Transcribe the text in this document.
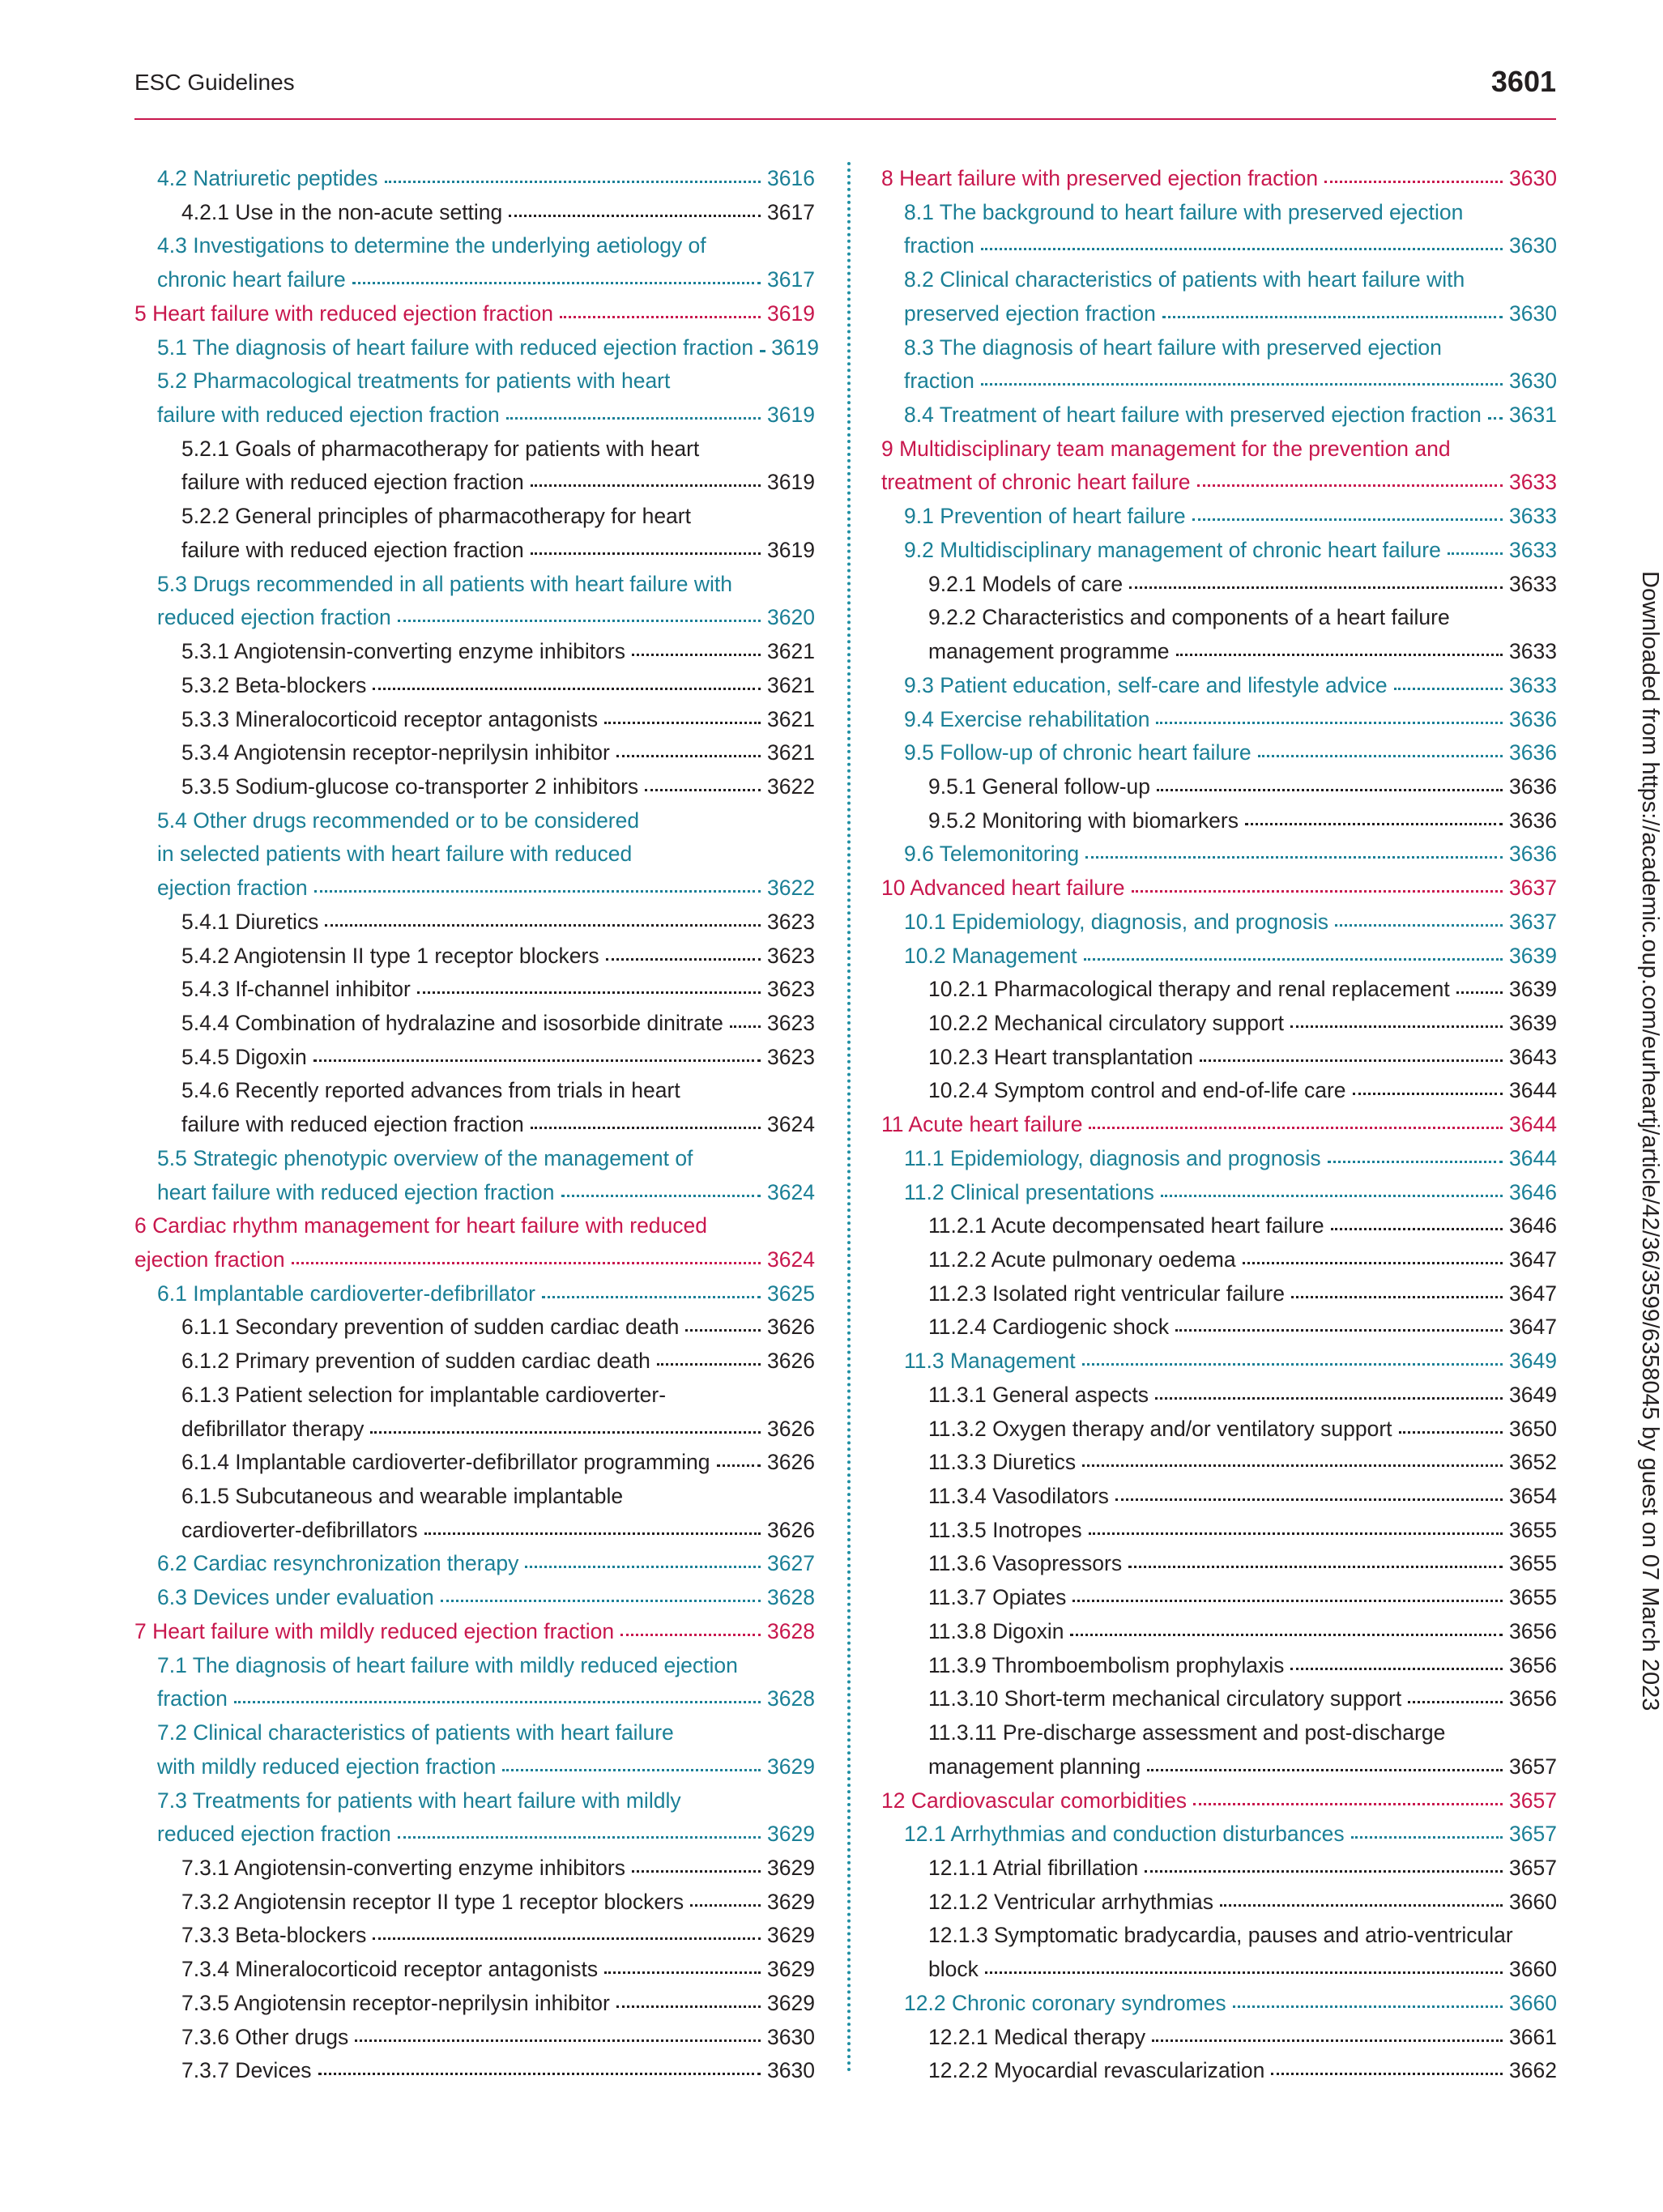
ESC Guidelines	3601
4.2 Natriuretic peptides	3616
4.2.1 Use in the non-acute setting	3617
4.3 Investigations to determine the underlying aetiology of
chronic heart failure	3617
5 Heart failure with reduced ejection fraction	3619
5.1 The diagnosis of heart failure with reduced ejection fraction 3619
5.2 Pharmacological treatments for patients with heart
failure with reduced ejection fraction	3619
5.2.1 Goals of pharmacotherapy for patients with heart
failure with reduced ejection fraction	3619
5.2.2 General principles of pharmacotherapy for heart
failure with reduced ejection fraction	3619
5.3 Drugs recommended in all patients with heart failure with
reduced ejection fraction	3620
5.3.1 Angiotensin-converting enzyme inhibitors	3621
5.3.2 Beta-blockers	3621
5.3.3 Mineralocorticoid receptor antagonists	3621
5.3.4 Angiotensin receptor-neprilysin inhibitor	3621
5.3.5 Sodium-glucose co-transporter 2 inhibitors	3622
5.4 Other drugs recommended or to be considered
in selected patients with heart failure with reduced
ejection fraction	3622
5.4.1 Diuretics	3623
5.4.2 Angiotensin II type 1 receptor blockers	3623
5.4.3 If-channel inhibitor	3623
5.4.4 Combination of hydralazine and isosorbide dinitrate 3623
5.4.5 Digoxin	3623
5.4.6 Recently reported advances from trials in heart
failure with reduced ejection fraction	3624
5.5 Strategic phenotypic overview of the management of
heart failure with reduced ejection fraction	3624
6 Cardiac rhythm management for heart failure with reduced
ejection fraction	3624
6.1 Implantable cardioverter-defibrillator	3625
6.1.1 Secondary prevention of sudden cardiac death	3626
6.1.2 Primary prevention of sudden cardiac death	3626
6.1.3 Patient selection for implantable cardioverter-
defibrillator therapy	3626
6.1.4 Implantable cardioverter-defibrillator programming	3626
6.1.5 Subcutaneous and wearable implantable
cardioverter-defibrillators	3626
6.2 Cardiac resynchronization therapy	3627
6.3 Devices under evaluation	3628
7 Heart failure with mildly reduced ejection fraction	3628
7.1 The diagnosis of heart failure with mildly reduced ejection
fraction	3628
7.2 Clinical characteristics of patients with heart failure
with mildly reduced ejection fraction	3629
7.3 Treatments for patients with heart failure with mildly
reduced ejection fraction	3629
7.3.1 Angiotensin-converting enzyme inhibitors	3629
7.3.2 Angiotensin receptor II type 1 receptor blockers	3629
7.3.3 Beta-blockers	3629
7.3.4 Mineralocorticoid receptor antagonists	3629
7.3.5 Angiotensin receptor-neprilysin inhibitor	3629
7.3.6 Other drugs	3630
7.3.7 Devices	3630
8 Heart failure with preserved ejection fraction	3630
8.1 The background to heart failure with preserved ejection
fraction	3630
8.2 Clinical characteristics of patients with heart failure with
preserved ejection fraction	3630
8.3 The diagnosis of heart failure with preserved ejection
fraction	3630
8.4 Treatment of heart failure with preserved ejection fraction 3631
9 Multidisciplinary team management for the prevention and
treatment of chronic heart failure	3633
9.1 Prevention of heart failure	3633
9.2 Multidisciplinary management of chronic heart failure	3633
9.2.1 Models of care	3633
9.2.2 Characteristics and components of a heart failure
management programme	3633
9.3 Patient education, self-care and lifestyle advice	3633
9.4 Exercise rehabilitation	3636
9.5 Follow-up of chronic heart failure	3636
9.5.1 General follow-up	3636
9.5.2 Monitoring with biomarkers	3636
9.6 Telemonitoring	3636
10 Advanced heart failure	3637
10.1 Epidemiology, diagnosis, and prognosis	3637
10.2 Management	3639
10.2.1 Pharmacological therapy and renal replacement	3639
10.2.2 Mechanical circulatory support	3639
10.2.3 Heart transplantation	3643
10.2.4 Symptom control and end-of-life care	3644
11 Acute heart failure	3644
11.1 Epidemiology, diagnosis and prognosis	3644
11.2 Clinical presentations	3646
11.2.1 Acute decompensated heart failure	3646
11.2.2 Acute pulmonary oedema	3647
11.2.3 Isolated right ventricular failure	3647
11.2.4 Cardiogenic shock	3647
11.3 Management	3649
11.3.1 General aspects	3649
11.3.2 Oxygen therapy and/or ventilatory support	3650
11.3.3 Diuretics	3652
11.3.4 Vasodilators	3654
11.3.5 Inotropes	3655
11.3.6 Vasopressors	3655
11.3.7 Opiates	3655
11.3.8 Digoxin	3656
11.3.9 Thromboembolism prophylaxis	3656
11.3.10 Short-term mechanical circulatory support	3656
11.3.11 Pre-discharge assessment and post-discharge
management planning	3657
12 Cardiovascular comorbidities	3657
12.1 Arrhythmias and conduction disturbances	3657
12.1.1 Atrial fibrillation	3657
12.1.2 Ventricular arrhythmias	3660
12.1.3 Symptomatic bradycardia, pauses and atrio-ventricular
block	3660
12.2 Chronic coronary syndromes	3660
12.2.1 Medical therapy	3661
12.2.2 Myocardial revascularization	3662
Downloaded from https://academic.oup.com/eurheartj/article/42/36/3599/6358045 by guest on 07 March 2023
